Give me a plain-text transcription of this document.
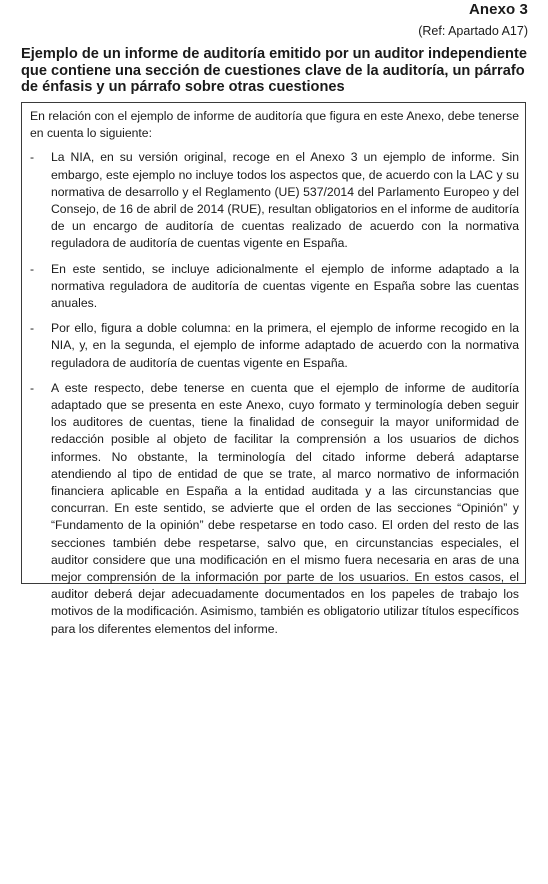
Anexo 3
(Ref: Apartado A17)
Ejemplo de un informe de auditoría emitido por un auditor independiente que contiene una sección de cuestiones clave de la auditoría, un párrafo de énfasis y un párrafo sobre otras cuestiones

En relación con el ejemplo de informe de auditoría que figura en este Anexo, debe tenerse en cuenta lo siguiente:

- La NIA, en su versión original, recoge en el Anexo 3 un ejemplo de informe. Sin embargo, este ejemplo no incluye todos los aspectos que, de acuerdo con la LAC y su normativa de desarrollo y el Reglamento (UE) 537/2014 del Parlamento Europeo y del Consejo, de 16 de abril de 2014 (RUE), resultan obligatorios en el informe de auditoría de un encargo de auditoría de cuentas realizado de acuerdo con la normativa reguladora de auditoría de cuentas vigente en España.
- En este sentido, se incluye adicionalmente el ejemplo de informe adaptado a la normativa reguladora de auditoría de cuentas vigente en España sobre las cuentas anuales.
- Por ello, figura a doble columna: en la primera, el ejemplo de informe recogido en la NIA, y, en la segunda, el ejemplo de informe adaptado de acuerdo con la normativa reguladora de auditoría de cuentas vigente en España.
- A este respecto, debe tenerse en cuenta que el ejemplo de informe de auditoría adaptado que se presenta en este Anexo, cuyo formato y terminología deben seguir los auditores de cuentas, tiene la finalidad de conseguir la mayor uniformidad de redacción posible al objeto de facilitar la comprensión a los usuarios de dichos informes. No obstante, la terminología del citado informe deberá adaptarse atendiendo al tipo de entidad de que se trate, al marco normativo de información financiera aplicable en España a la entidad auditada y a las circunstancias que concurran. En este sentido, se advierte que el orden de las secciones “Opinión” y “Fundamento de la opinión” debe respetarse en todo caso. El orden del resto de las secciones también debe respetarse, salvo que, en circunstancias especiales, el auditor considere que una modificación en el mismo fuera necesaria en aras de una mejor comprensión de la información por parte de los usuarios. En estos casos, el auditor deberá dejar adecuadamente documentados en los papeles de trabajo los motivos de la modificación. Asimismo, también es obligatorio utilizar títulos específicos para los diferentes elementos del informe.
